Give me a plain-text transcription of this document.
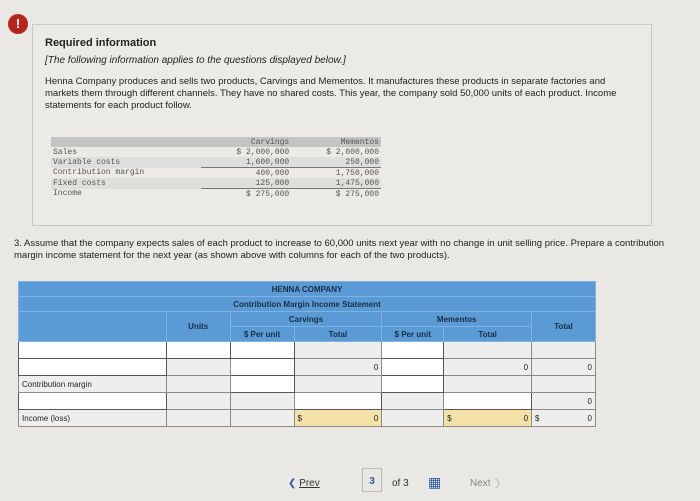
!
Required information
[The following information applies to the questions displayed below.]

Henna Company produces and sells two products, Carvings and Mementos. It manufactures these products in separate factories and markets them through different channels. They have no shared costs. This year, the company sold 50,000 units of each product. Income statements for each product follow.

	Carvings	Mementos
Sales	$ 2,000,000	$ 2,000,000
Variable costs	1,600,000	250,000
Contribution margin	400,000	1,750,000
Fixed costs	125,000	1,475,000
Income	$ 275,000	$ 275,000
3. Assume that the company expects sales of each product to increase to 60,000 units next year with no change in unit selling price. Prepare a contribution margin income statement for the next year (as shown above with columns for each of the two products).
HENNA COMPANY						
Contribution Margin Income Statement						
	Units	Carvings		Mementos		Total
		$ Per unit	Total	$ Per unit	Total	

			0		0	0
Contribution margin						
						0
Income (loss)			$ 0		$ 0	$ 0
❮ Prev	3	of 3 ▦	Next ❯
